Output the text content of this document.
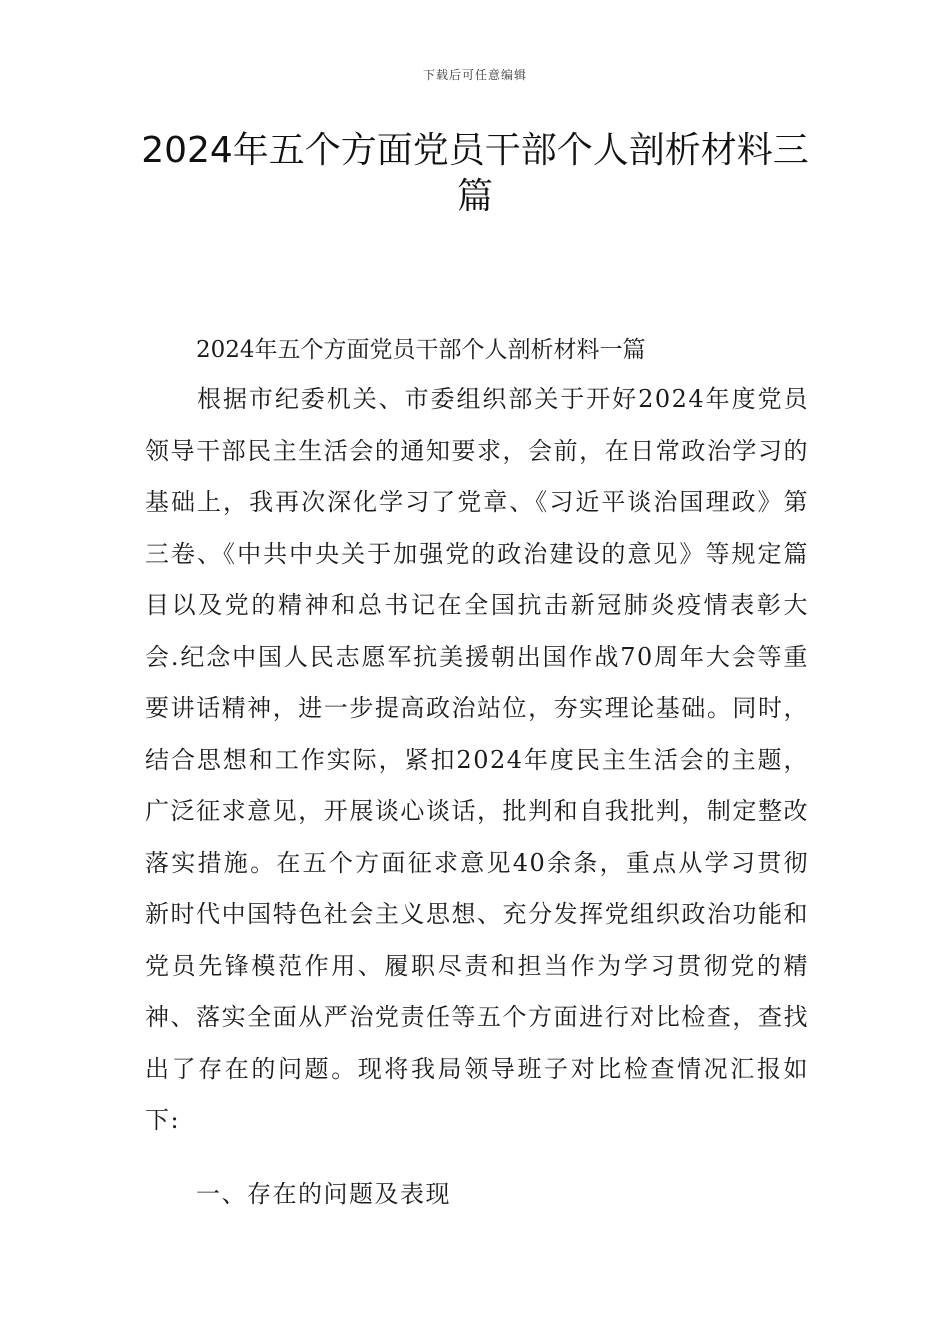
下载后可任意编辑
2024年五个方面党员干部个人剖析材料三篇
2024年五个方面党员干部个人剖析材料一篇

根据市纪委机关、市委组织部关于开好2024年度党员领导干部民主生活会的通知要求，会前，在日常政治学习的基础上，我再次深化学习了党章、《习近平谈治国理政》第三卷、《中共中央关于加强党的政治建设的意见》等规定篇目以及党的精神和总书记在全国抗击新冠肺炎疫情表彰大会.纪念中国人民志愿军抗美援朝出国作战70周年大会等重要讲话精神，进一步提高政治站位，夯实理论基础。同时，结合思想和工作实际，紧扣2024年度民主生活会的主题，广泛征求意见，开展谈心谈话，批判和自我批判，制定整改落实措施。在五个方面征求意见40余条，重点从学习贯彻新时代中国特色社会主义思想、充分发挥党组织政治功能和党员先锋模范作用、履职尽责和担当作为学习贯彻党的精神、落实全面从严治党责任等五个方面进行对比检查，查找出了存在的问题。现将我局领导班子对比检查情况汇报如下:

一、存在的问题及表现
